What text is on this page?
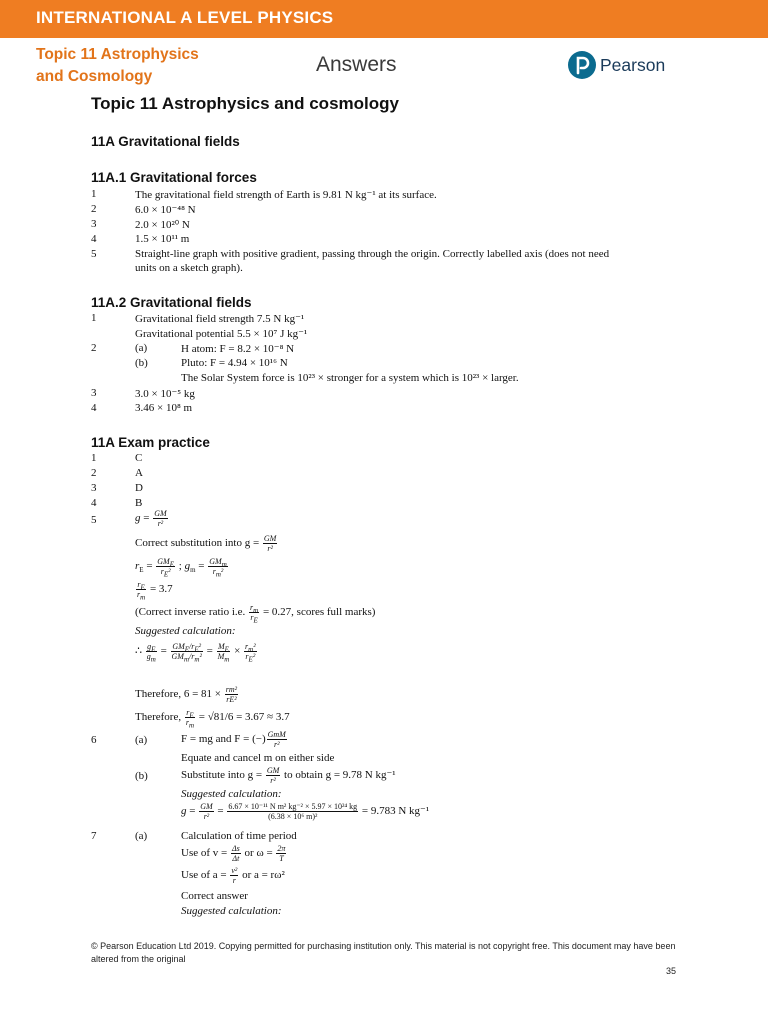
INTERNATIONAL A LEVEL PHYSICS
Topic 11 Astrophysics
and Cosmology
Answers	Pearson
Topic 11 Astrophysics and cosmology
11A Gravitational fields
11A.1 Gravitational forces
1	The gravitational field strength of Earth is 9.81 N kg⁻¹ at its surface.
2	6.0 × 10⁻⁴⁸ N
3	2.0 × 10²⁰ N
4	1.5 × 10¹¹ m
5	Straight-line graph with positive gradient, passing through the origin. Correctly labelled axis (does not need
units on a sketch graph).
11A.2 Gravitational fields
1	Gravitational field strength 7.5 N kg⁻¹
Gravitational potential 5.5 × 10⁷ J kg⁻¹
2	(a)	H atom: F = 8.2 × 10⁻⁸ N
(b)	Pluto: F = 4.94 × 10¹⁶ N
The Solar System force is 10²³ × stronger for a system which is 10²³ × larger.
3	3.0 × 10⁻⁵ kg
4	3.46 × 10⁸ m
11A Exam practice
1	C
2	A
3	D
4	B
5	$g = \frac{GM}{\text{r²}}$
Correct substitution into $g = \frac{GM}{\text{r²}}$
$r_E = \frac{GM_E}{r_E^2}$ ; $g_m = \frac{GM_m}{r_m^2}$
$\frac{r_E}{r_m} = 3.7$
(Correct inverse ratio i.e. $\frac{r_m}{r_E} = 0.27$, scores full marks)
Suggested calculation:
∴ $\frac{g_E}{g_m} = \frac{GM_E/r_E^2}{GM_m/r_m^2} = \frac{M_E}{M_m} \times \frac{r_m^2}{r_E^2}$
Therefore, $6 = 81 \times \frac{\text{rm²}}{\text{rE²}}$
Therefore, $\frac{r_E}{r_m} = √81/6 = 3.67 \approx 3.7$
6	(a)	F = mg and F = (−) $\frac{\text{GmM}}{\text{r²}}$
Equate and cancel m on either side
(b)	Substitute into $g = \frac{GM}{\text{r²}}$ to obtain g = 9.78 N kg⁻¹
Suggested calculation:
$g = \frac{GM}{\text{r²}} = \frac{\text{6.67 × 10⁻¹¹ N m² kg⁻² × 5.97 × 10²⁴ kg}}{\text{(6.38 × 10⁶ m)²}} = 9.783$ N kg⁻¹
7	(a)	Calculation of time period
Use of $v = \frac{\Delta s}{\Delta t}$ or $\omega = \frac{2\pi}{T}$
Use of $a = \frac{\text{v²}}{r}$ or a = rω²
Correct answer
Suggested calculation:
© Pearson Education Ltd 2019. Copying permitted for purchasing institution only. This material is not copyright free. This document may have been altered from the original
35
